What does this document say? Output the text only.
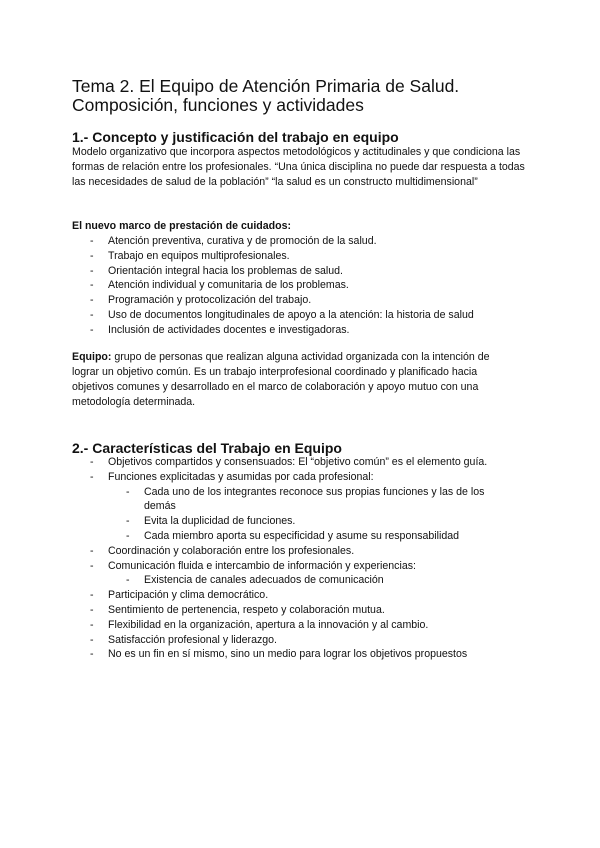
Tema 2. El Equipo de Atención Primaria de Salud.
Composición, funciones y actividades
1.- Concepto y justificación del trabajo en equipo
Modelo organizativo que incorpora aspectos metodológicos y actitudinales y que condiciona las formas de relación entre los profesionales. “Una única disciplina no puede dar respuesta a todas las necesidades de salud de la población” “la salud es un constructo multidimensional”
El nuevo marco de prestación de cuidados:
- Atención preventiva, curativa y de promoción de la salud.
- Trabajo en equipos multiprofesionales.
- Orientación integral hacia los problemas de salud.
- Atención individual y comunitaria de los problemas.
- Programación y protocolización del trabajo.
- Uso de documentos longitudinales de apoyo a la atención: la historia de salud
- Inclusión de actividades docentes e investigadoras.
Equipo: grupo de personas que realizan alguna actividad organizada con la intención de lograr un objetivo común. Es un trabajo interprofesional coordinado y planificado hacia objetivos comunes y desarrollado en el marco de colaboración y apoyo mutuo con una metodología determinada.
2.- Características del Trabajo en Equipo
- Objetivos compartidos y consensuados: El “objetivo común” es el elemento guía.
- Funciones explicitadas y asumidas por cada profesional:
- Cada uno de los integrantes reconoce sus propias funciones y las de los demás
- Evita la duplicidad de funciones.
- Cada miembro aporta su especificidad y asume su responsabilidad
- Coordinación y colaboración entre los profesionales.
- Comunicación fluida e intercambio de información y experiencias:
- Existencia de canales adecuados de comunicación
- Participación y clima democrático.
- Sentimiento de pertenencia, respeto y colaboración mutua.
- Flexibilidad en la organización, apertura a la innovación y al cambio.
- Satisfacción profesional y liderazgo.
- No es un fin en sí mismo, sino un medio para lograr los objetivos propuestos
